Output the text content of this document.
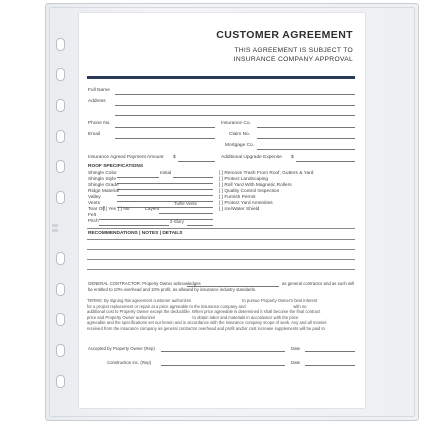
CUSTOMER AGREEMENT
THIS AGREEMENT IS SUBJECT TO
INSURANCE COMPANY APPROVAL
Full Name
Address
Phone No.	Insurance Co.
Email	Claim No.
Mortgage Co.
Insurance Agreed Payment Amount $	Additional Upgrade Expense $
ROOF SPECIFICATIONS
Shingle Color	Initial
Shingle Style
Shingle Grade
Ridge Material
Valley
Vents	Turtle Vents
Tear Off
[ ] Yes [ ] No	Layers
Felt
Pitch	2-Story
[ ] Remove Trash From Roof, Gutters & Yard
[ ] Protect Landscaping
[ ] Roll Yard With Magnetic Rollers
[ ] Quality Control Inspection
[ ] Furnish Permit
[ ] Protect Yard Amenities
[ ] Ice/Water Shield
RECOMMENDATIONS | NOTES | DETAILS
GENERAL CONTRACTOR: Property Owner acknowledges	as general contractor and as such will
be entitled to 10% overhead and 10% profit, as allowed by insurance industry standards.
TERMS: By signing this agreement customer authorizes                                            to pursue Property Owner's best interest
for a project replacement or repair at a price agreeable to the insurance company and                                         with no
additional cost to Property Owner except the deductible. When price agreeable is determined it shall become the final contract
price and Property Owner authorizes                                to obtain labor and materials in accordance with the price
agreeable and the specifications set out herein and in accordance with the insurance company scope of work. Any and all monies
received from the insurance company as general contractor overhead and profit and/or cost increase supplements will be paid to
Accepted by Property Owner (Rep)	Date
Construction Inc. (Rep)	Date
